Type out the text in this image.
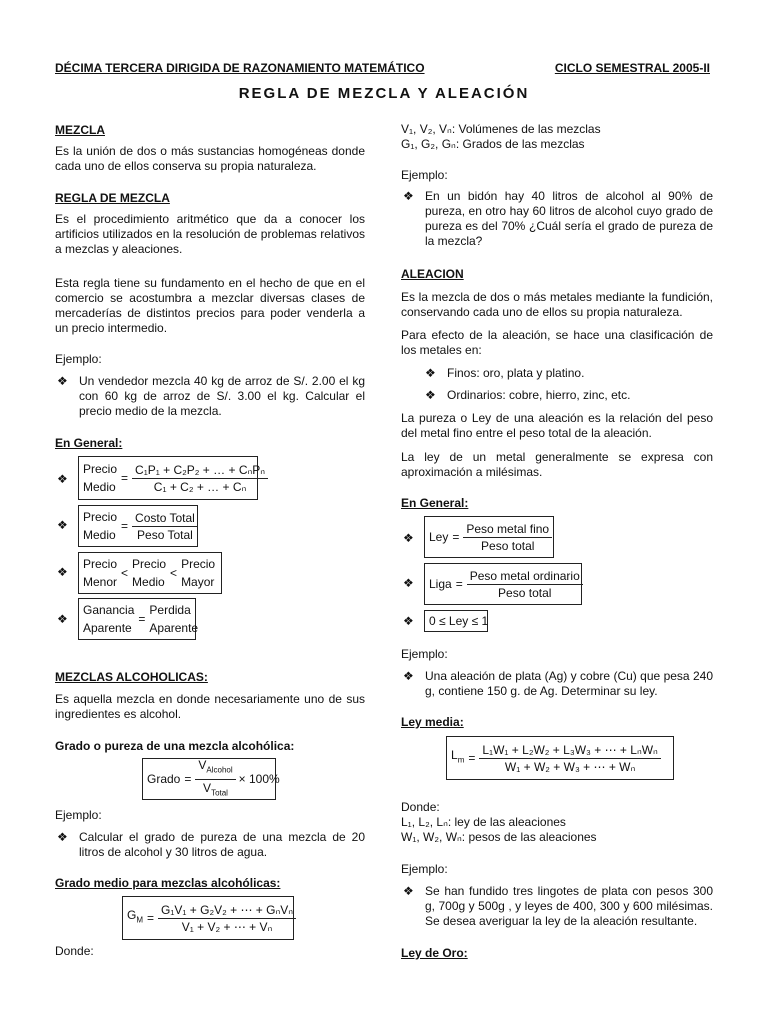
DÉCIMA TERCERA DIRIGIDA DE RAZONAMIENTO MATEMÁTICO	CICLO SEMESTRAL 2005-II
REGLA DE MEZCLA Y ALEACIÓN
MEZCLA

Es la unión de dos o más sustancias homogéneas donde cada uno de ellos conserva su propia naturaleza.

REGLA DE MEZCLA

Es el procedimiento aritmético que da a conocer los artificios utilizados en la resolución de problemas relativos a mezclas y aleaciones.

Esta regla tiene su fundamento en el hecho de que en el comercio se acostumbra a mezclar diversas clases de mercaderías de distintos precios para poder venderla a un precio intermedio.

Ejemplo:
❖ Un vendedor mezcla 40 kg de arroz de S/. 2.00 el kg con 60 kg de arroz de S/. 3.00 el kg. Calcular el precio medio de la mezcla.

En General:
❖
Precio
Medio
= $\frac{\text{C₁P₁ + C₂P₂ + … + CₙPₙ}}{\text{C₁ + C₂ + … + Cₙ}}$
❖
Precio
Medio
= $\frac{\text{Costo Total}}{\text{Peso Total}}$
❖
Precio
Menor
<
Precio
Medio
<
Precio
Mayor
❖
Ganancia
Aparente
=
Perdida
Aparente
MEZCLAS ALCOHOLICAS:

Es aquella mezcla en donde necesariamente uno de sus ingredientes es alcohol.

Grado o pureza de una mezcla alcohólica:
Grado = $\frac{V_{Alcohol}}{V_{Total}} \times 100\%$
Ejemplo:
❖ Calcular el grado de pureza de una mezcla de 20 litros de alcohol y 30 litros de agua.

Grado medio para mezclas alcohólicas:
$G_M = \frac{\text{G₁V₁ + G₂V₂ + ⋯ + GₙVₙ}}{\text{V₁ + V₂ + ⋯ + Vₙ}}$
Donde:
V₁, V₂, Vₙ: Volúmenes de las mezclas
G₁, G₂, Gₙ: Grados de las mezclas
Ejemplo:
❖ En un bidón hay 40 litros de alcohol al 90% de pureza, en otro hay 60 litros de alcohol cuyo grado de pureza es del 70% ¿Cuál sería el grado de pureza de la mezcla?

ALEACION

Es la mezcla de dos o más metales mediante la fundición, conservando cada uno de ellos su propia naturaleza.

Para efecto de la aleación, se hace una clasificación de los metales en:

❖ Finos: oro, plata y platino.

❖ Ordinarios: cobre, hierro, zinc, etc.

La pureza o Ley de una aleación es la relación del peso del metal fino entre el peso total de la aleación.

La ley de un metal generalmente se expresa con aproximación a milésimas.

En General:
❖ Ley = $\frac{\text{Peso metal fino}}{\text{Peso total}}$
❖ Liga = $\frac{\text{Peso metal ordinario}}{\text{Peso total}}$
❖	0 ≤ Ley ≤ 1
Ejemplo:
❖ Una aleación de plata (Ag) y cobre (Cu) que pesa 240 g, contiene 150 g. de Ag. Determinar su ley.

Ley media:
$L_m = \frac{\text{L₁W₁ + L₂W₂ + L₃W₃ + ⋯ + LₙWₙ}}{\text{W₁ + W₂ + W₃ + ⋯ + Wₙ}}$
Donde:
L₁, L₂, Lₙ: ley de las aleaciones
W₁, W₂, Wₙ: pesos de las aleaciones
Ejemplo:
❖ Se han fundido tres lingotes de plata con pesos 300 g, 700g y 500g , y leyes de 400, 300 y 600 milésimas. Se desea averiguar la ley de la aleación resultante.

Ley de Oro:
